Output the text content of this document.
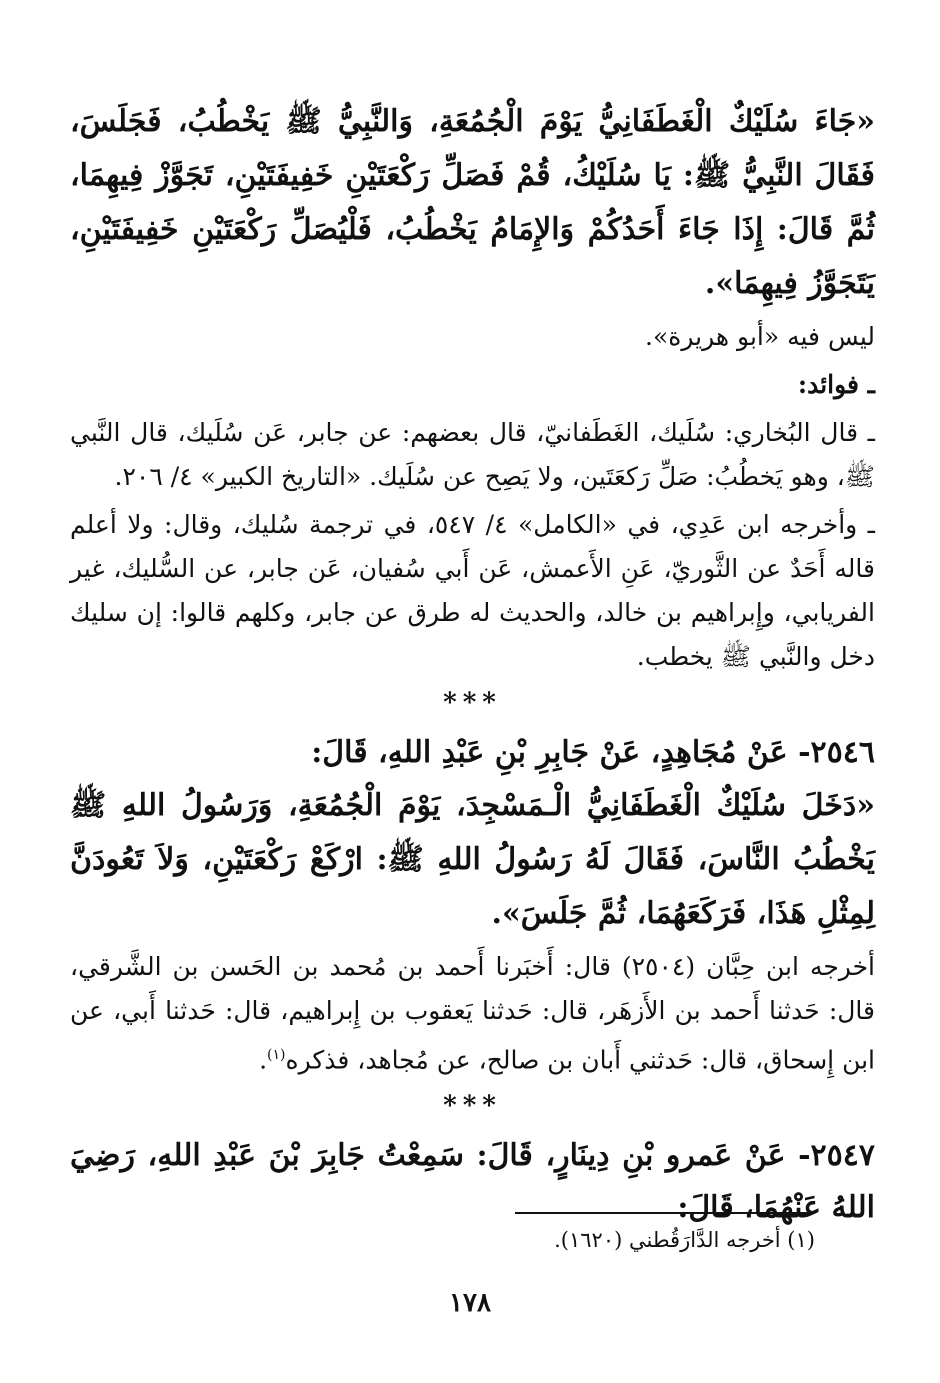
«جَاءَ سُلَيْكٌ الْغَطَفَانِيُّ يَوْمَ الْجُمُعَةِ، وَالنَّبِيُّ ﷺ يَخْطُبُ، فَجَلَسَ، فَقَالَ النَّبِيُّ ﷺ: يَا سُلَيْكُ، قُمْ فَصَلِّ رَكْعَتَيْنِ خَفِيفَتَيْنِ، تَجَوَّزْ فِيهِمَا، ثُمَّ قَالَ: إِذَا جَاءَ أَحَدُكُمْ وَالإِمَامُ يَخْطُبُ، فَلْيُصَلِّ رَكْعَتَيْنِ خَفِيفَتَيْنِ، يَتَجَوَّزُ فِيهِمَا».

ليس فيه «أبو هريرة».

ـ فوائد:

ـ قال البُخاري: سُلَيك، الغَطَفانيّ، قال بعضهم: عن جابر، عَن سُلَيك، قال النَّبي ﷺ، وهو يَخطُبُ: صَلِّ رَكعَتَين، ولا يَصِح عن سُلَيك. «التاريخ الكبير» ٤/ ٢٠٦.

ـ وأخرجه ابن عَدِي، في «الكامل» ٤/ ٥٤٧، في ترجمة سُليك، وقال: ولا أعلم قاله أَحَدٌ عن الثَّوريّ، عَنِ الأَعمش، عَن أَبي سُفيان، عَن جابر، عن السُّليك، غير الفريابي، وإِبراهيم بن خالد، والحديث له طرق عن جابر، وكلهم قالوا: إن سليك دخل والنَّبي ﷺ يخطب.

***

٢٥٤٦- عَنْ مُجَاهِدٍ، عَنْ جَابِرِ بْنِ عَبْدِ اللهِ، قَالَ:

«دَخَلَ سُلَيْكٌ الْغَطَفَانِيُّ الْـمَسْجِدَ، يَوْمَ الْجُمُعَةِ، وَرَسُولُ اللهِ ﷺ يَخْطُبُ النَّاسَ، فَقَالَ لَهُ رَسُولُ اللهِ ﷺ: ارْكَعْ رَكْعَتَيْنِ، وَلاَ تَعُودَنَّ لِمِثْلِ هَذَا، فَرَكَعَهُمَا، ثُمَّ جَلَسَ».

أخرجه ابن حِبَّان (٢٥٠٤) قال: أَخبَرنا أَحمد بن مُحمد بن الحَسن بن الشَّرقي، قال: حَدثنا أَحمد بن الأَزهَر، قال: حَدثنا يَعقوب بن إِبراهيم، قال: حَدثنا أَبي، عن ابن إِسحاق، قال: حَدثني أَبان بن صالح، عن مُجاهد، فذكره$^{(١)}$.

***

٢٥٤٧- عَنْ عَمرو بْنِ دِينَارٍ، قَالَ: سَمِعْتُ جَابِرَ بْنَ عَبْدِ اللهِ، رَضِيَ اللهُ عَنْهُمَا، قَالَ:

(١) أخرجه الدَّارَقُطني (١٦٢٠).
١٧٨
